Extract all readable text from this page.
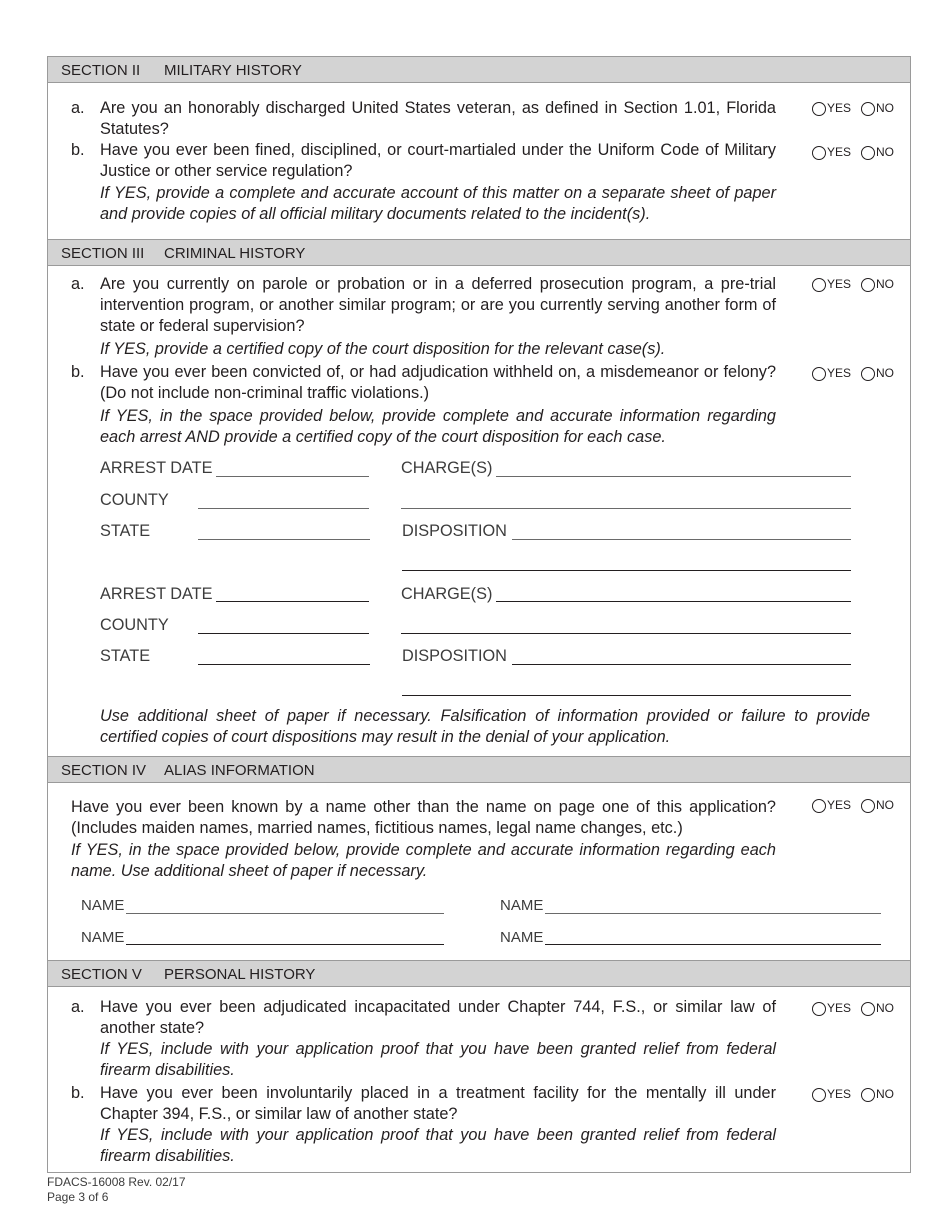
SECTION II MILITARY HISTORY
a. Are you an honorably discharged United States veteran, as defined in Section 1.01, Florida Statutes?
YES NO
b. Have you ever been fined, disciplined, or court-martialed under the Uniform Code of Military Justice or other service regulation?
YES NO
If YES, provide a complete and accurate account of this matter on a separate sheet of paper and provide copies of all official military documents related to the incident(s).
SECTION III CRIMINAL HISTORY
a. Are you currently on parole or probation or in a deferred prosecution program, a pre-trial intervention program, or another similar program; or are you currently serving another form of state or federal supervision?
YES NO
If YES, provide a certified copy of the court disposition for the relevant case(s).
b. Have you ever been convicted of, or had adjudication withheld on, a misdemeanor or felony? (Do not include non-criminal traffic violations.)
YES NO
If YES, in the space provided below, provide complete and accurate information regarding each arrest AND provide a certified copy of the court disposition for each case.
ARREST DATE
COUNTY
STATE
CHARGE(S)
DISPOSITION
ARREST DATE
COUNTY
STATE
CHARGE(S)
DISPOSITION
Use additional sheet of paper if necessary. Falsification of information provided or failure to provide certified copies of court dispositions may result in the denial of your application.
SECTION IV ALIAS INFORMATION
Have you ever been known by a name other than the name on page one of this application? (Includes maiden names, married names, fictitious names, legal name changes, etc.)
YES NO
If YES, in the space provided below, provide complete and accurate information regarding each name. Use additional sheet of paper if necessary.
NAME	NAME
NAME	NAME
SECTION V PERSONAL HISTORY
a. Have you ever been adjudicated incapacitated under Chapter 744, F.S., or similar law of another state?
YES NO
If YES, include with your application proof that you have been granted relief from federal firearm disabilities.
b. Have you ever been involuntarily placed in a treatment facility for the mentally ill under Chapter 394, F.S., or similar law of another state?
YES NO
If YES, include with your application proof that you have been granted relief from federal firearm disabilities.
FDACS-16008 Rev. 02/17
Page 3 of 6
